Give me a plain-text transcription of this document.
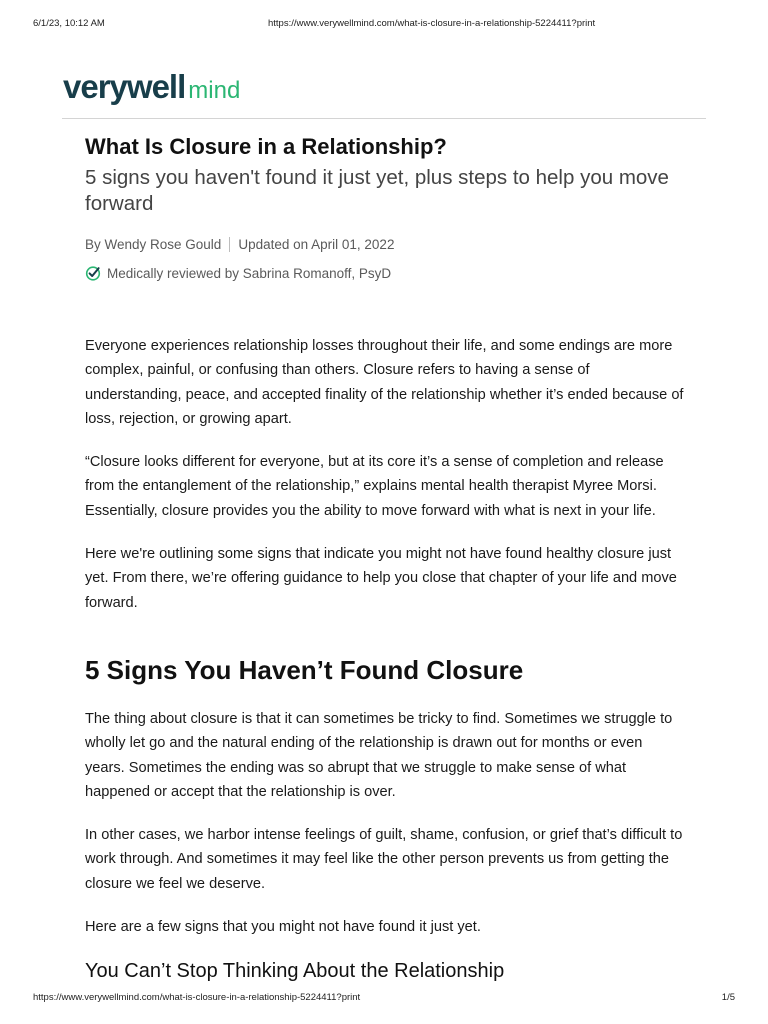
6/1/23, 10:12 AM	https://www.verywellmind.com/what-is-closure-in-a-relationship-5224411?print
verywell mind
What Is Closure in a Relationship?

5 signs you haven't found it just yet, plus steps to help you move forward

By Wendy Rose Gould Updated on April 01, 2022
Medically reviewed by Sabrina Romanoff, PsyD

Everyone experiences relationship losses throughout their life, and some endings are more complex, painful, or confusing than others. Closure refers to having a sense of understanding, peace, and accepted finality of the relationship whether it’s ended because of loss, rejection, or growing apart.

“Closure looks different for everyone, but at its core it’s a sense of completion and release from the entanglement of the relationship,” explains mental health therapist Myree Morsi. Essentially, closure provides you the ability to move forward with what is next in your life.

Here we're outlining some signs that indicate you might not have found healthy closure just yet. From there, we’re offering guidance to help you close that chapter of your life and move forward.

5 Signs You Haven’t Found Closure

The thing about closure is that it can sometimes be tricky to find. Sometimes we struggle to wholly let go and the natural ending of the relationship is drawn out for months or even years. Sometimes the ending was so abrupt that we struggle to make sense of what happened or accept that the relationship is over.

In other cases, we harbor intense feelings of guilt, shame, confusion, or grief that’s difficult to work through. And sometimes it may feel like the other person prevents us from getting the closure we feel we deserve.

Here are a few signs that you might not have found it just yet.

You Can’t Stop Thinking About the Relationship
https://www.verywellmind.com/what-is-closure-in-a-relationship-5224411?print	1/5
